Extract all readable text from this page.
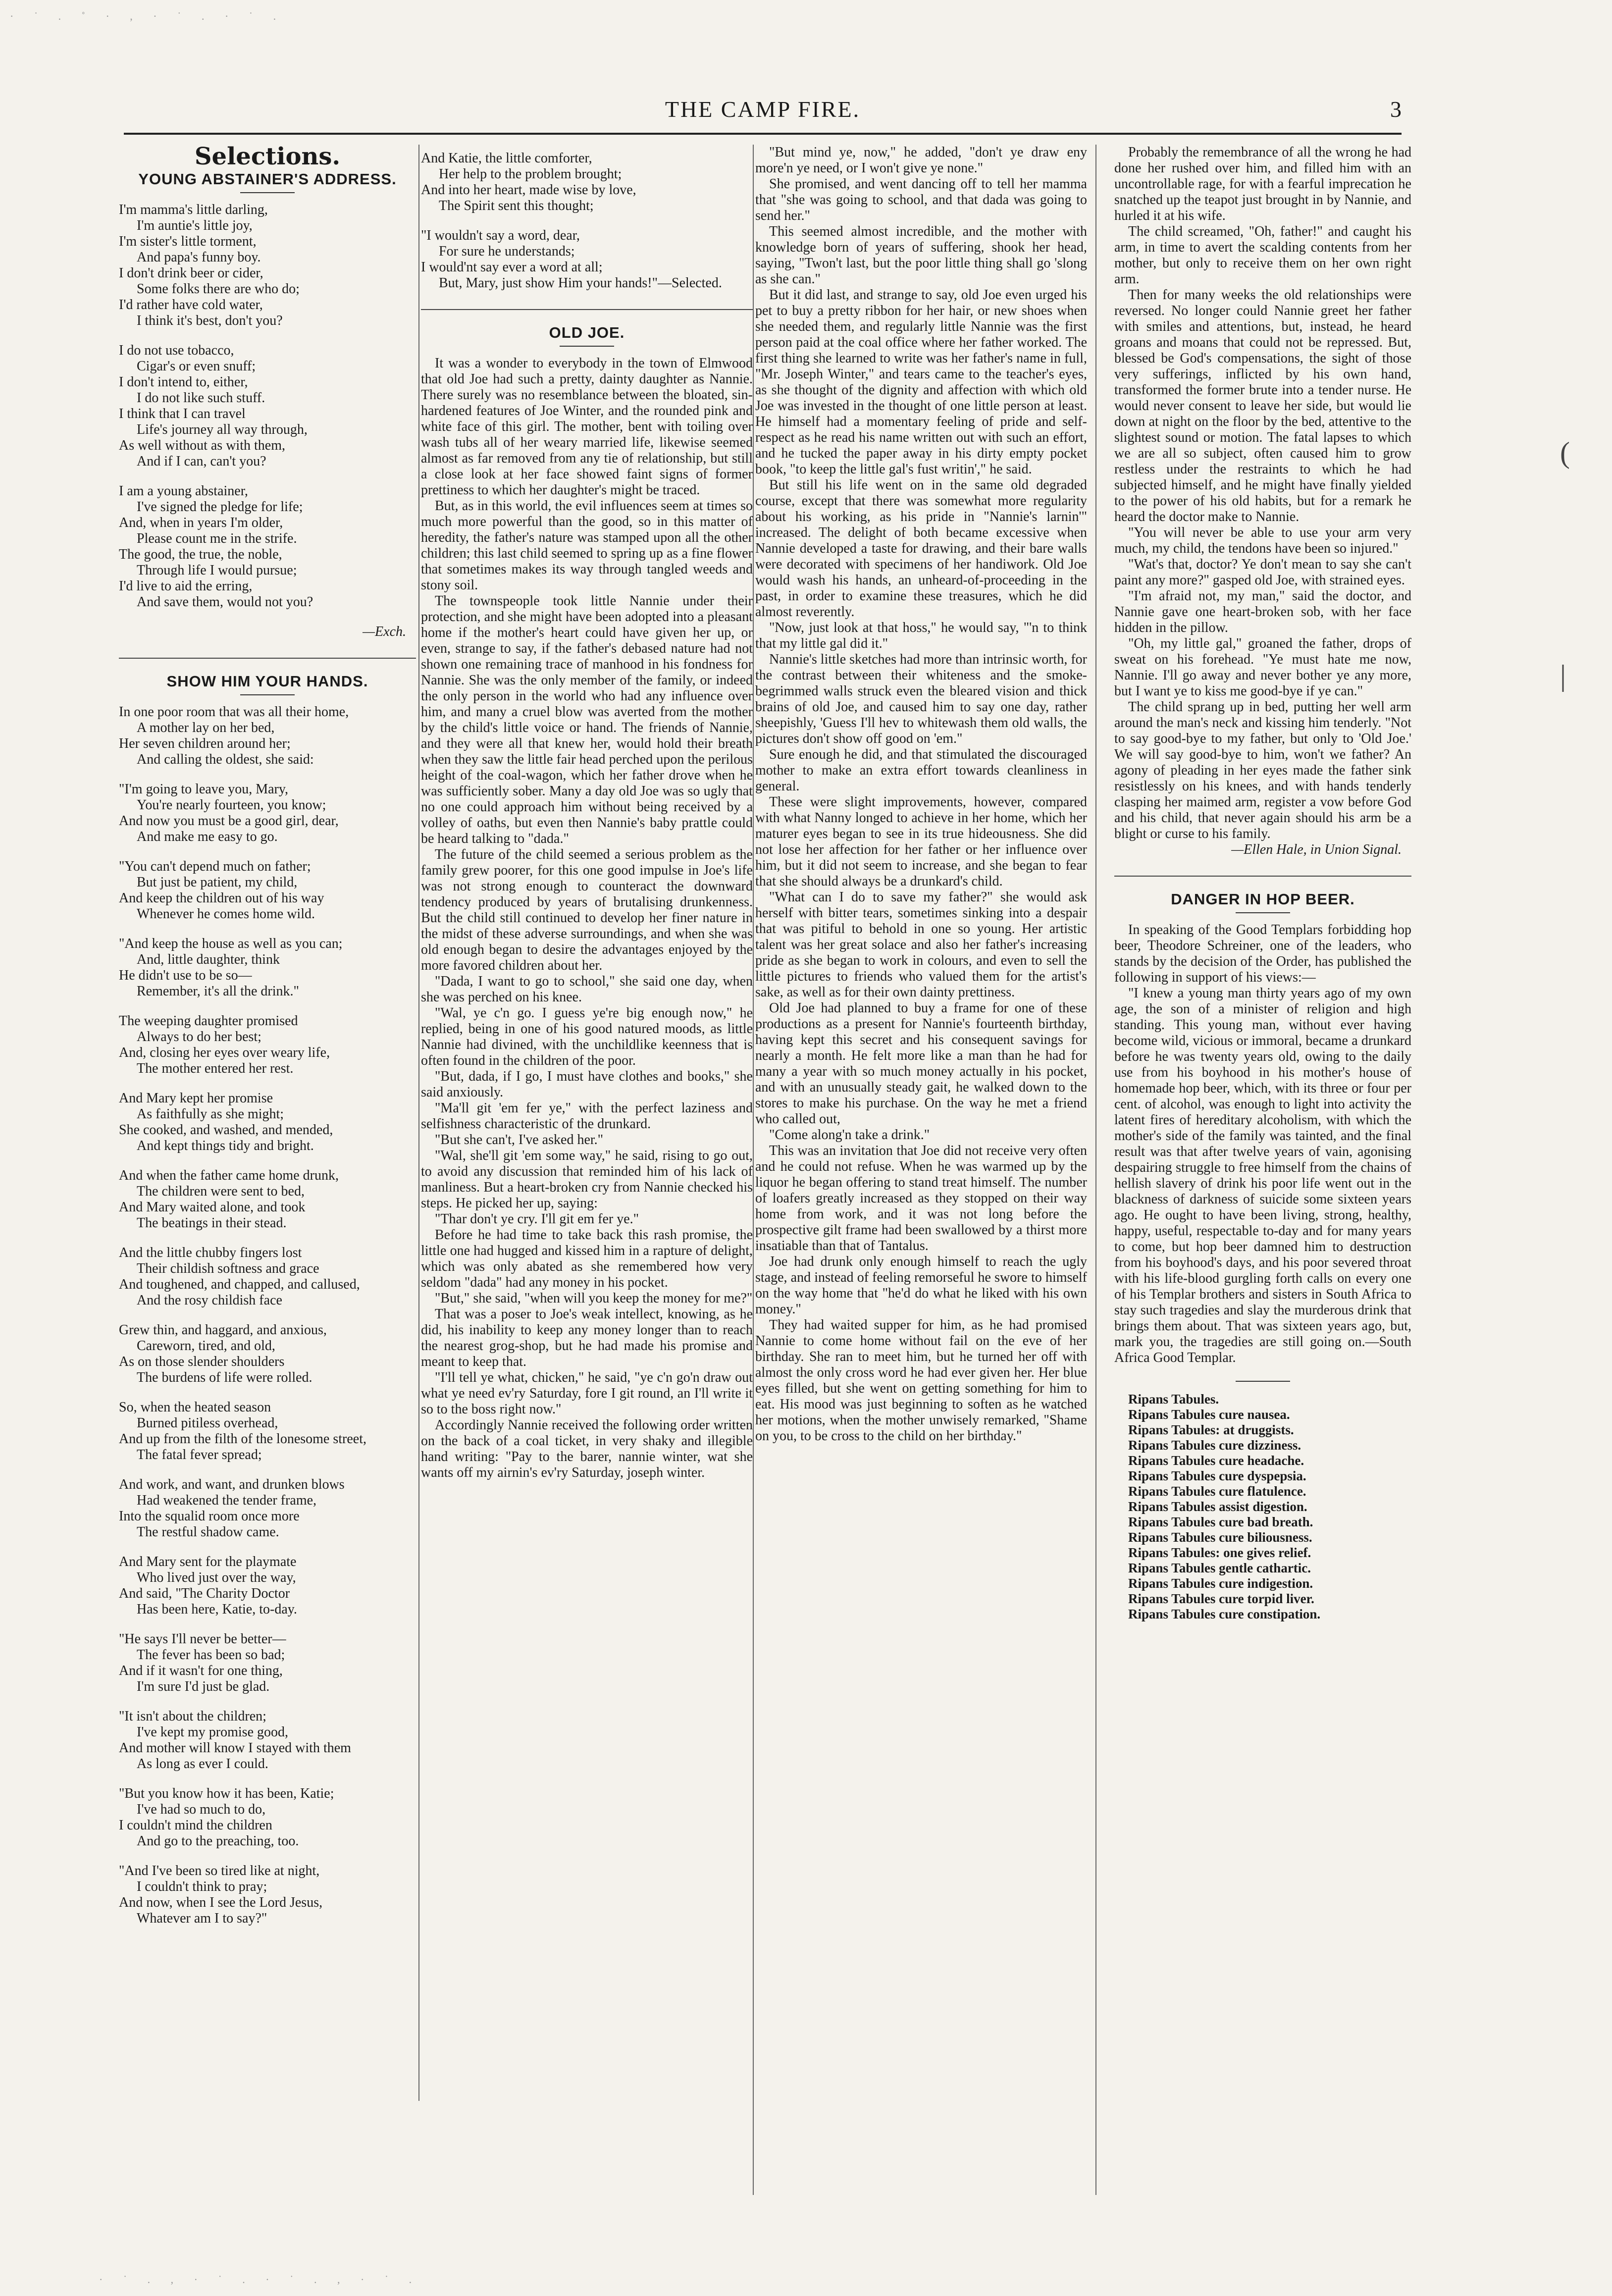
· ˙ . ˚ · , · ˙ . · ˙ .
THE CAMP FIRE.	3
Selections.
YOUNG ABSTAINER'S ADDRESS.
I'm mamma's little darling,
I'm auntie's little joy,
I'm sister's little torment,
And papa's funny boy.
I don't drink beer or cider,
Some folks there are who do;
I'd rather have cold water,
I think it's best, don't you?
I do not use tobacco,
Cigar's or even snuff;
I don't intend to, either,
I do not like such stuff.
I think that I can travel
Life's journey all way through,
As well without as with them,
And if I can, can't you?
I am a young abstainer,
I've signed the pledge for life;
And, when in years I'm older,
Please count me in the strife.
The good, the true, the noble,
Through life I would pursue;
I'd live to aid the erring,
And save them, would not you?
—Exch.
SHOW HIM YOUR HANDS.
In one poor room that was all their home,
A mother lay on her bed,
Her seven children around her;
And calling the oldest, she said:
"I'm going to leave you, Mary,
You're nearly fourteen, you know;
And now you must be a good girl, dear,
And make me easy to go.
"You can't depend much on father;
But just be patient, my child,
And keep the children out of his way
Whenever he comes home wild.
"And keep the house as well as you can;
And, little daughter, think
He didn't use to be so—
Remember, it's all the drink."
The weeping daughter promised
Always to do her best;
And, closing her eyes over weary life,
The mother entered her rest.
And Mary kept her promise
As faithfully as she might;
She cooked, and washed, and mended,
And kept things tidy and bright.
And when the father came home drunk,
The children were sent to bed,
And Mary waited alone, and took
The beatings in their stead.
And the little chubby fingers lost
Their childish softness and grace
And toughened, and chapped, and callused,
And the rosy childish face
Grew thin, and haggard, and anxious,
Careworn, tired, and old,
As on those slender shoulders
The burdens of life were rolled.
So, when the heated season
Burned pitiless overhead,
And up from the filth of the lonesome street,
The fatal fever spread;
And work, and want, and drunken blows
Had weakened the tender frame,
Into the squalid room once more
The restful shadow came.
And Mary sent for the playmate
Who lived just over the way,
And said, "The Charity Doctor
Has been here, Katie, to-day.
"He says I'll never be better—
The fever has been so bad;
And if it wasn't for one thing,
I'm sure I'd just be glad.
"It isn't about the children;
I've kept my promise good,
And mother will know I stayed with them
As long as ever I could.
"But you know how it has been, Katie;
I've had so much to do,
I couldn't mind the children
And go to the preaching, too.
"And I've been so tired like at night,
I couldn't think to pray;
And now, when I see the Lord Jesus,
Whatever am I to say?"
And Katie, the little comforter,
Her help to the problem brought;
And into her heart, made wise by love,
The Spirit sent this thought;
"I wouldn't say a word, dear,
For sure he understands;
I would'nt say ever a word at all;
But, Mary, just show Him your hands!"—Selected.
OLD JOE.

It was a wonder to everybody in the town of Elmwood that old Joe had such a pretty, dainty daughter as Nannie. There surely was no resemblance between the bloated, sin-hardened features of Joe Winter, and the rounded pink and white face of this girl. The mother, bent with toiling over wash tubs all of her weary married life, likewise seemed almost as far removed from any tie of relationship, but still a close look at her face showed faint signs of former prettiness to which her daughter's might be traced.

But, as in this world, the evil influences seem at times so much more powerful than the good, so in this matter of heredity, the father's nature was stamped upon all the other children; this last child seemed to spring up as a fine flower that sometimes makes its way through tangled weeds and stony soil.

The townspeople took little Nannie under their protection, and she might have been adopted into a pleasant home if the mother's heart could have given her up, or even, strange to say, if the father's debased nature had not shown one remaining trace of manhood in his fondness for Nannie. She was the only member of the family, or indeed the only person in the world who had any influence over him, and many a cruel blow was averted from the mother by the child's little voice or hand. The friends of Nannie, and they were all that knew her, would hold their breath when they saw the little fair head perched upon the perilous height of the coal-wagon, which her father drove when he was sufficiently sober. Many a day old Joe was so ugly that no one could approach him without being received by a volley of oaths, but even then Nannie's baby prattle could be heard talking to "dada."

The future of the child seemed a serious problem as the family grew poorer, for this one good impulse in Joe's life was not strong enough to counteract the downward tendency produced by years of brutalising drunkenness. But the child still continued to develop her finer nature in the midst of these adverse surroundings, and when she was old enough began to desire the advantages enjoyed by the more favored children about her.

"Dada, I want to go to school," she said one day, when she was perched on his knee.

"Wal, ye c'n go. I guess ye're big enough now," he replied, being in one of his good natured moods, as little Nannie had divined, with the unchildlike keenness that is often found in the children of the poor.

"But, dada, if I go, I must have clothes and books," she said anxiously.

"Ma'll git 'em fer ye," with the perfect laziness and selfishness characteristic of the drunkard.

"But she can't, I've asked her."

"Wal, she'll git 'em some way," he said, rising to go out, to avoid any discussion that reminded him of his lack of manliness. But a heart-broken cry from Nannie checked his steps. He picked her up, saying:

"Thar don't ye cry. I'll git em fer ye."

Before he had time to take back this rash promise, the little one had hugged and kissed him in a rapture of delight, which was only abated as she remembered how very seldom "dada" had any money in his pocket.

"But," she said, "when will you keep the money for me?"

That was a poser to Joe's weak intellect, knowing, as he did, his inability to keep any money longer than to reach the nearest grog-shop, but he had made his promise and meant to keep that.

"I'll tell ye what, chicken," he said, "ye c'n go'n draw out what ye need ev'ry Saturday, fore I git round, an I'll write it so to the boss right now."

Accordingly Nannie received the following order written on the back of a coal ticket, in very shaky and illegible hand writing: "Pay to the barer, nannie winter, wat she wants off my airnin's ev'ry Saturday, joseph winter.

"But mind ye, now," he added, "don't ye draw eny more'n ye need, or I won't give ye none."

She promised, and went dancing off to tell her mamma that "she was going to school, and that dada was going to send her."

This seemed almost incredible, and the mother with knowledge born of years of suffering, shook her head, saying, "Twon't last, but the poor little thing shall go 'slong as she can."

But it did last, and strange to say, old Joe even urged his pet to buy a pretty ribbon for her hair, or new shoes when she needed them, and regularly little Nannie was the first person paid at the coal office where her father worked. The first thing she learned to write was her father's name in full, "Mr. Joseph Winter," and tears came to the teacher's eyes, as she thought of the dignity and affection with which old Joe was invested in the thought of one little person at least. He himself had a momentary feeling of pride and self-respect as he read his name written out with such an effort, and he tucked the paper away in his dirty empty pocket book, "to keep the little gal's fust writin'," he said.

But still his life went on in the same old degraded course, except that there was somewhat more regularity about his working, as his pride in "Nannie's larnin'" increased. The delight of both became excessive when Nannie developed a taste for drawing, and their bare walls were decorated with specimens of her handiwork. Old Joe would wash his hands, an unheard-of-proceeding in the past, in order to examine these treasures, which he did almost reverently.

"Now, just look at that hoss," he would say, "'n to think that my little gal did it."

Nannie's little sketches had more than intrinsic worth, for the contrast between their whiteness and the smoke-begrimmed walls struck even the bleared vision and thick brains of old Joe, and caused him to say one day, rather sheepishly, 'Guess I'll hev to whitewash them old walls, the pictures don't show off good on 'em."

Sure enough he did, and that stimulated the discouraged mother to make an extra effort towards cleanliness in general.

These were slight improvements, however, compared with what Nanny longed to achieve in her home, which her maturer eyes began to see in its true hideousness. She did not lose her affection for her father or her influence over him, but it did not seem to increase, and she began to fear that she should always be a drunkard's child.

"What can I do to save my father?" she would ask herself with bitter tears, sometimes sinking into a despair that was pitiful to behold in one so young. Her artistic talent was her great solace and also her father's increasing pride as she began to work in colours, and even to sell the little pictures to friends who valued them for the artist's sake, as well as for their own dainty prettiness.

Old Joe had planned to buy a frame for one of these productions as a present for Nannie's fourteenth birthday, having kept this secret and his consequent savings for nearly a month. He felt more like a man than he had for many a year with so much money actually in his pocket, and with an unusually steady gait, he walked down to the stores to make his purchase. On the way he met a friend who called out,

"Come along'n take a drink."

This was an invitation that Joe did not receive very often and he could not refuse. When he was warmed up by the liquor he began offering to stand treat himself. The number of loafers greatly increased as they stopped on their way home from work, and it was not long before the prospective gilt frame had been swallowed by a thirst more insatiable than that of Tantalus.

Joe had drunk only enough himself to reach the ugly stage, and instead of feeling remorseful he swore to himself on the way home that "he'd do what he liked with his own money."

They had waited supper for him, as he had promised Nannie to come home without fail on the eve of her birthday. She ran to meet him, but he turned her off with almost the only cross word he had ever given her. Her blue eyes filled, but she went on getting something for him to eat. His mood was just beginning to soften as he watched her motions, when the mother unwisely remarked, "Shame on you, to be cross to the child on her birthday."

Probably the remembrance of all the wrong he had done her rushed over him, and filled him with an uncontrollable rage, for with a fearful imprecation he snatched up the teapot just brought in by Nannie, and hurled it at his wife.

The child screamed, "Oh, father!" and caught his arm, in time to avert the scalding contents from her mother, but only to receive them on her own right arm.

Then for many weeks the old relationships were reversed. No longer could Nannie greet her father with smiles and attentions, but, instead, he heard groans and moans that could not be repressed. But, blessed be God's compensations, the sight of those very sufferings, inflicted by his own hand, transformed the former brute into a tender nurse. He would never consent to leave her side, but would lie down at night on the floor by the bed, attentive to the slightest sound or motion. The fatal lapses to which we are all so subject, often caused him to grow restless under the restraints to which he had subjected himself, and he might have finally yielded to the power of his old habits, but for a remark he heard the doctor make to Nannie.

"You will never be able to use your arm very much, my child, the tendons have been so injured."

"Wat's that, doctor? Ye don't mean to say she can't paint any more?" gasped old Joe, with strained eyes.

"I'm afraid not, my man," said the doctor, and Nannie gave one heart-broken sob, with her face hidden in the pillow.

"Oh, my little gal," groaned the father, drops of sweat on his forehead. "Ye must hate me now, Nannie. I'll go away and never bother ye any more, but I want ye to kiss me good-bye if ye can."

The child sprang up in bed, putting her well arm around the man's neck and kissing him tenderly. "Not to say good-bye to my father, but only to 'Old Joe.' We will say good-bye to him, won't we father? An agony of pleading in her eyes made the father sink resistlessly on his knees, and with hands tenderly clasping her maimed arm, register a vow before God and his child, that never again should his arm be a blight or curse to his family.

—Ellen Hale, in Union Signal.
DANGER IN HOP BEER.

In speaking of the Good Templars forbidding hop beer, Theodore Schreiner, one of the leaders, who stands by the decision of the Order, has published the following in support of his views:—

"I knew a young man thirty years ago of my own age, the son of a minister of religion and high standing. This young man, without ever having become wild, vicious or immoral, became a drunkard before he was twenty years old, owing to the daily use from his boyhood in his mother's house of homemade hop beer, which, with its three or four per cent. of alcohol, was enough to light into activity the latent fires of hereditary alcoholism, with which the mother's side of the family was tainted, and the final result was that after twelve years of vain, agonising despairing struggle to free himself from the chains of hellish slavery of drink his poor life went out in the blackness of darkness of suicide some sixteen years ago. He ought to have been living, strong, healthy, happy, useful, respectable to-day and for many years to come, but hop beer damned him to destruction from his boyhood's days, and his poor severed throat with his life-blood gurgling forth calls on every one of his Templar brothers and sisters in South Africa to stay such tragedies and slay the murderous drink that brings them about. That was sixteen years ago, but, mark you, the tragedies are still going on.—South Africa Good Templar.

Ripans Tabules.
Ripans Tabules cure nausea.
Ripans Tabules: at druggists.
Ripans Tabules cure dizziness.
Ripans Tabules cure headache.
Ripans Tabules cure dyspepsia.
Ripans Tabules cure flatulence.
Ripans Tabules assist digestion.
Ripans Tabules cure bad breath.
Ripans Tabules cure biliousness.
Ripans Tabules: one gives relief.
Ripans Tabules gentle cathartic.
Ripans Tabules cure indigestion.
Ripans Tabules cure torpid liver.
Ripans Tabules cure constipation.
(
|
· ˙ . , · ˙ . · ˙ . , · ˙ .
